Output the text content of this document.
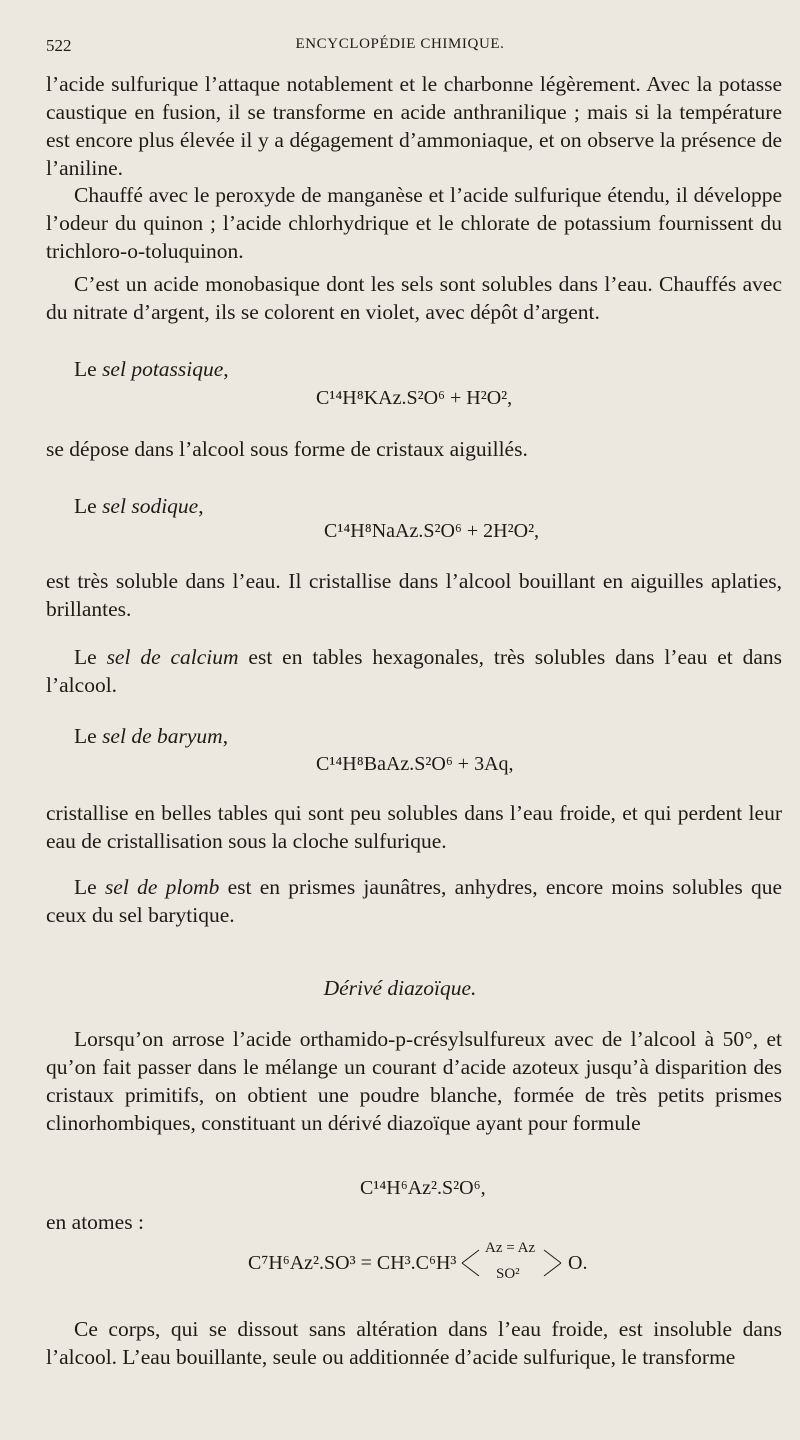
522	ENCYCLOPÉDIE CHIMIQUE.
l’acide sulfurique l’attaque notablement et le charbonne légèrement. Avec la potasse caustique en fusion, il se transforme en acide anthranilique ; mais si la température est encore plus élevée il y a dégagement d’ammoniaque, et on observe la présence de l’aniline.
Chauffé avec le peroxyde de manganèse et l’acide sulfurique étendu, il développe l’odeur du quinon ; l’acide chlorhydrique et le chlorate de potassium fournissent du trichloro-o-toluquinon.
C’est un acide monobasique dont les sels sont solubles dans l’eau. Chauffés avec du nitrate d’argent, ils se colorent en violet, avec dépôt d’argent.
Le sel potassique,
C¹⁴H⁸KAz.S²O⁶ + H²O²,
se dépose dans l’alcool sous forme de cristaux aiguillés.
Le sel sodique,
C¹⁴H⁸NaAz.S²O⁶ + 2H²O²,
est très soluble dans l’eau. Il cristallise dans l’alcool bouillant en aiguilles aplaties, brillantes.
Le sel de calcium est en tables hexagonales, très solubles dans l’eau et dans l’alcool.
Le sel de baryum,
C¹⁴H⁸BaAz.S²O⁶ + 3Aq,
cristallise en belles tables qui sont peu solubles dans l’eau froide, et qui perdent leur eau de cristallisation sous la cloche sulfurique.
Le sel de plomb est en prismes jaunâtres, anhydres, encore moins solubles que ceux du sel barytique.
Dérivé diazoïque.
Lorsqu’on arrose l’acide orthamido-p-crésylsulfureux avec de l’alcool à 50°, et qu’on fait passer dans le mélange un courant d’acide azoteux jusqu’à disparition des cristaux primitifs, on obtient une poudre blanche, formée de très petits prismes clinorhombiques, constituant un dérivé diazoïque ayant pour formule
C¹⁴H⁶Az².S²O⁶,
en atomes :
C⁷H⁶Az².SO³ = CH³.C⁶H³
Az = Az
SO² O.
Ce corps, qui se dissout sans altération dans l’eau froide, est insoluble dans l’alcool. L’eau bouillante, seule ou additionnée d’acide sulfurique, le transforme
